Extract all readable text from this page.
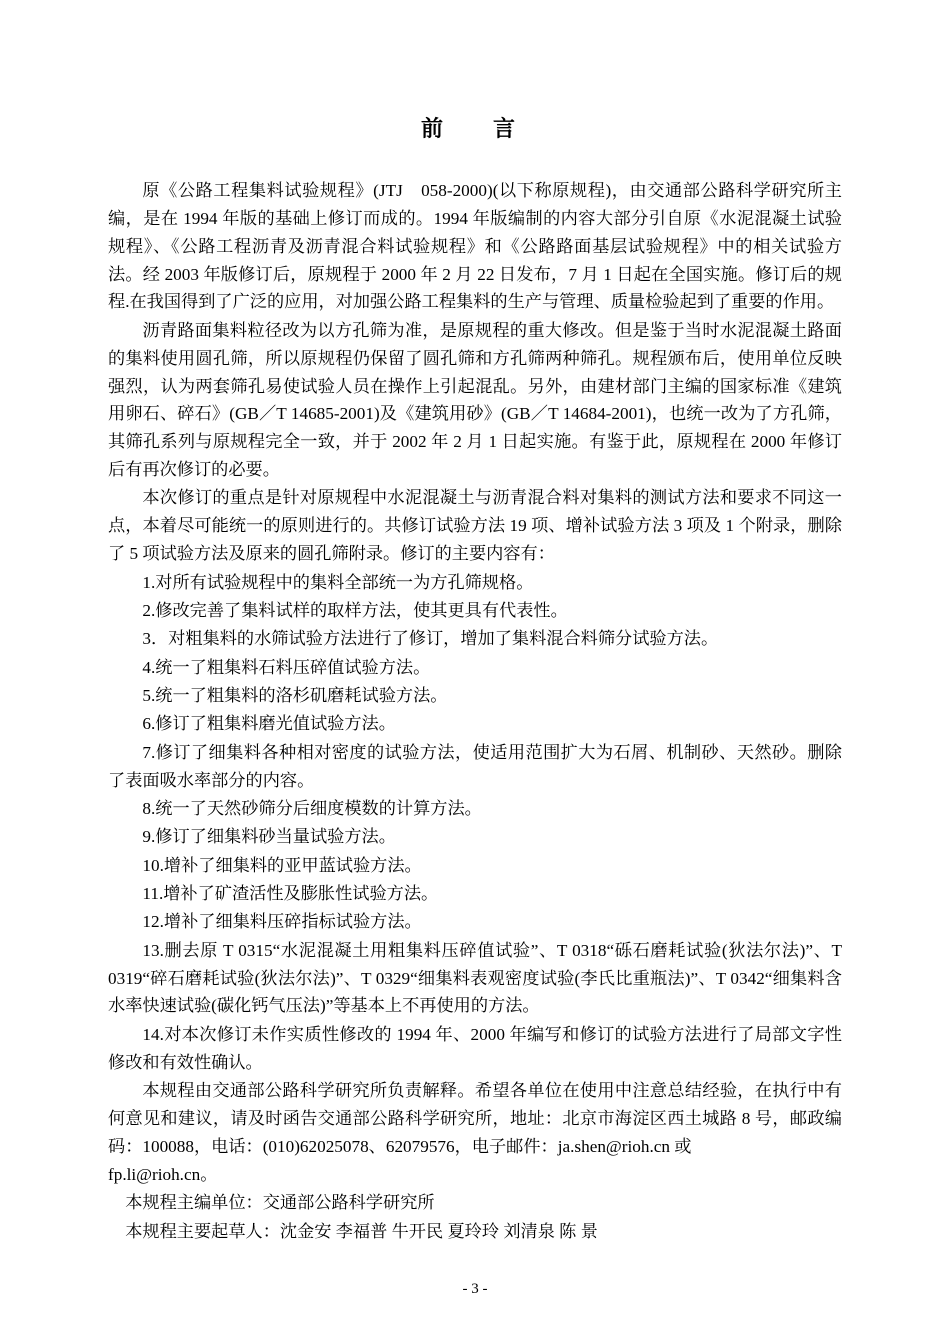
前　言

原《公路工程集料试验规程》(JTJ　058-2000)(以下称原规程)，由交通部公路科学研究所主编，是在 1994 年版的基础上修订而成的。1994 年版编制的内容大部分引自原《水泥混凝土试验规程》、《公路工程沥青及沥青混合料试验规程》和《公路路面基层试验规程》中的相关试验方法。经 2003 年版修订后，原规程于 2000 年 2 月 22 日发布，7 月 1 日起在全国实施。修订后的规程.在我国得到了广泛的应用，对加强公路工程集料的生产与管理、质量检验起到了重要的作用。

沥青路面集料粒径改为以方孔筛为准，是原规程的重大修改。但是鉴于当时水泥混凝土路面的集料使用圆孔筛，所以原规程仍保留了圆孔筛和方孔筛两种筛孔。规程颁布后，使用单位反映强烈，认为两套筛孔易使试验人员在操作上引起混乱。另外，由建材部门主编的国家标准《建筑用卵石、碎石》(GB／T 14685-2001)及《建筑用砂》(GB／T 14684-2001)，也统一改为了方孔筛，其筛孔系列与原规程完全一致，并于 2002 年 2 月 1 日起实施。有鉴于此，原规程在 2000 年修订后有再次修订的必要。

本次修订的重点是针对原规程中水泥混凝土与沥青混合料对集料的测试方法和要求不同这一点，本着尽可能统一的原则进行的。共修订试验方法 19 项、增补试验方法 3 项及 1 个附录，删除了 5 项试验方法及原来的圆孔筛附录。修订的主要内容有：

1.对所有试验规程中的集料全部统一为方孔筛规格。

2.修改完善了集料试样的取样方法，使其更具有代表性。

3．对粗集料的水筛试验方法进行了修订，增加了集料混合料筛分试验方法。

4.统一了粗集料石料压碎值试验方法。

5.统一了粗集料的洛杉矶磨耗试验方法。

6.修订了粗集料磨光值试验方法。

7.修订了细集料各种相对密度的试验方法，使适用范围扩大为石屑、机制砂、天然砂。删除了表面吸水率部分的内容。

8.统一了天然砂筛分后细度模数的计算方法。

9.修订了细集料砂当量试验方法。

10.增补了细集料的亚甲蓝试验方法。

11.增补了矿渣活性及膨胀性试验方法。

12.增补了细集料压碎指标试验方法。

13.删去原 T 0315“水泥混凝土用粗集料压碎值试验”、T 0318“砾石磨耗试验(狄法尔法)”、T 0319“碎石磨耗试验(狄法尔法)”、T 0329“细集料表观密度试验(李氏比重瓶法)”、T 0342“细集料含水率快速试验(碳化钙气压法)”等基本上不再使用的方法。

14.对本次修订未作实质性修改的 1994 年、2000 年编写和修订的试验方法进行了局部文字性修改和有效性确认。

本规程由交通部公路科学研究所负责解释。希望各单位在使用中注意总结经验，在执行中有何意见和建议，请及时函告交通部公路科学研究所，地址：北京市海淀区西土城路 8 号，邮政编码：100088，电话：(010)62025078、62079576，电子邮件：ja.shen@rioh.cn 或

fp.li@rioh.cn。

本规程主编单位：交通部公路科学研究所

本规程主要起草人：沈金安 李福普 牛开民 夏玲玲 刘清泉 陈 景

- 3 -
